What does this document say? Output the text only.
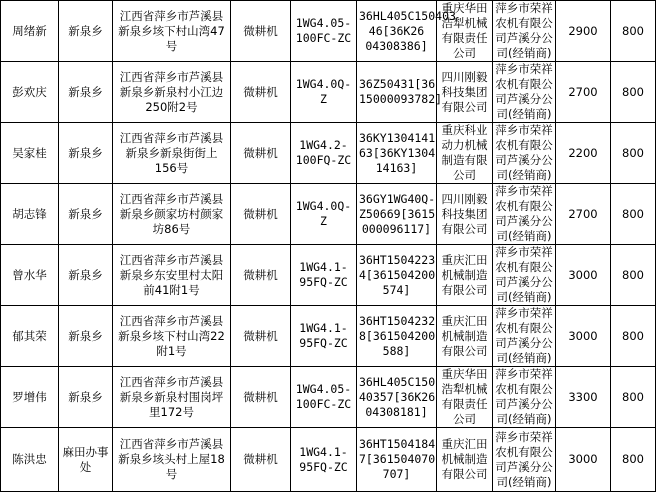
周绪新	新泉乡	江西省萍乡市芦溪县新泉乡垓下村山湾47号	微耕机	1WG4.05-100FC-ZC	36HL405C150403 46[36K26 04308386]	重庆华田浩犁机械有限责任公司	萍乡市荣祥农机有限公司芦溪分公司(经销商)	2900	800
彭欢庆	新泉乡	江西省萍乡市芦溪县新泉乡新泉村小江边250附2号	微耕机	1WG4.0Q-Z	36Z50431[36 15000093782]	四川刚毅科技集团有限公司	萍乡市荣祥农机有限公司芦溪分公司(经销商)	2700	800
吴家桂	新泉乡	江西省萍乡市芦溪县新泉乡新泉街街上156号	微耕机	1WG4.2-100FQ-ZC	36KY1304141 63[36KY1304 14163]	重庆科业动力机械制造有限公司	萍乡市荣祥农机有限公司芦溪分公司(经销商)	2200	800
胡志锋	新泉乡	江西省萍乡市芦溪县新泉乡颜家坊村颜家坊86号	微耕机	1WG4.0Q-Z	36GY1WG40Q-Z50669[3615 000096117]	四川刚毅科技集团有限公司	萍乡市荣祥农机有限公司芦溪分公司(经销商)	2700	800
曾水华	新泉乡	江西省萍乡市芦溪县新泉乡东安里村太阳前41附1号	微耕机	1WG4.1-95FQ-ZC	36HT1504223 4[361504200 574]	重庆汇田机械制造有限公司	萍乡市荣祥农机有限公司芦溪分公司(经销商)	3000	800
郁其荣	新泉乡	江西省萍乡市芦溪县新泉乡垓下村山湾22附1号	微耕机	1WG4.1-95FQ-ZC	36HT1504232 8[361504200 588]	重庆汇田机械制造有限公司	萍乡市荣祥农机有限公司芦溪分公司(经销商)	3000	800
罗增伟	新泉乡	江西省萍乡市芦溪县新泉乡新泉村围岗坪里172号	微耕机	1WG4.05-100FC-ZC	36HL405C150 40357[36K26 04308181]	重庆华田浩犁机械有限责任公司	萍乡市荣祥农机有限公司芦溪分公司(经销商)	3300	800
陈洪忠	麻田办事处	江西省萍乡市芦溪县新泉乡垓头村上屋18号	微耕机	1WG4.1-95FQ-ZC	36HT1504184 7[361504070 707]	重庆汇田机械制造有限公司	萍乡市荣祥农机有限公司芦溪分公司(经销商)	3000	800
